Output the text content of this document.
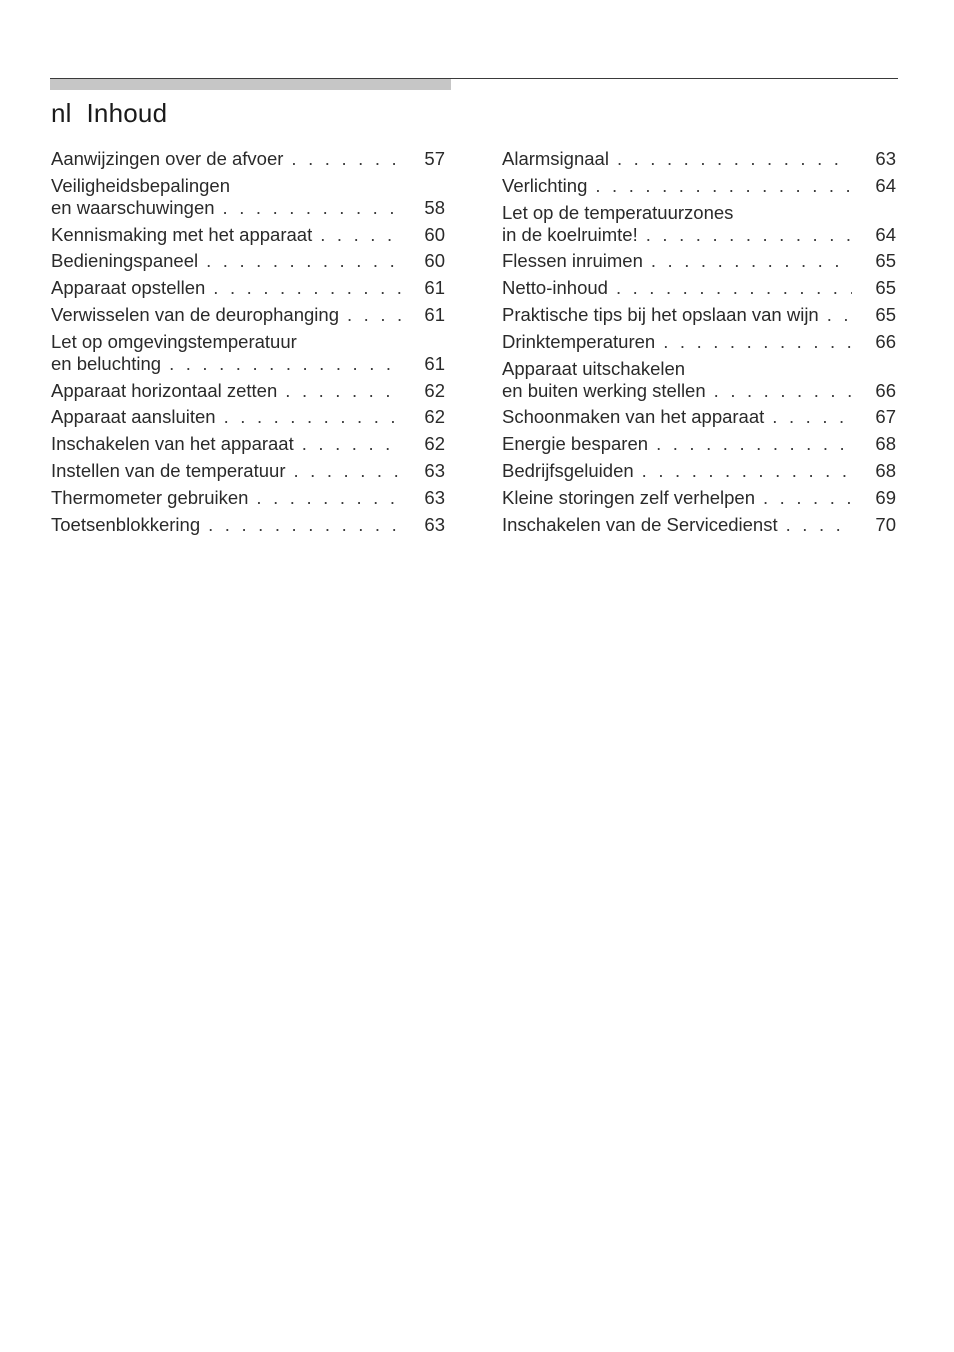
nl Inhoud
Aanwijzingen over de afvoer . . .	57
Veiligheidsbepalingen
en waarschuwingen . . .	58
Kennismaking met het apparaat . . .	60
Bedieningspaneel . . .	60
Apparaat opstellen . . .	61
Verwisselen van de deurophanging . . .	61
Let op omgevingstemperatuur
en beluchting . . .	61
Apparaat horizontaal zetten . . .	62
Apparaat aansluiten . . .	62
Inschakelen van het apparaat . . .	62
Instellen van de temperatuur . . .	63
Thermometer gebruiken . . .	63
Toetsenblokkering . . .	63
Alarmsignaal . . .	63
Verlichting . . .	64
Let op de temperatuurzones
in de koelruimte! . . .	64
Flessen inruimen . . .	65
Netto-inhoud . . .	65
Praktische tips bij het opslaan van wijn . . .	65
Drinktemperaturen . . .	66
Apparaat uitschakelen
en buiten werking stellen . . .	66
Schoonmaken van het apparaat . . .	67
Energie besparen . . .	68
Bedrijfsgeluiden . . .	68
Kleine storingen zelf verhelpen . . .	69
Inschakelen van de Servicedienst . . .	70
